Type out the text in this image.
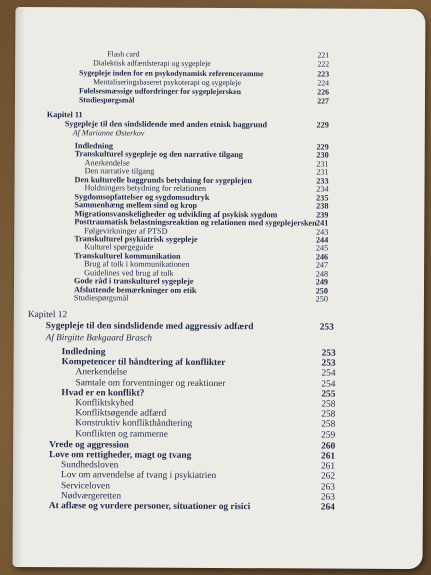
Flash card	221
Dialektisk adfærdsterapi og sygepleje	222
Sygepleje inden for en psykodynamisk referenceramme	223
Mentaliseringsbaseret psykoterapi og sygepleje	224
Følelsesmæssige udfordringer for sygeplejersken	226
Studiespørgsmål	227
Kapitel 11
Sygepleje til den sindslidende med anden etnisk baggrund	229
Af Marianne Østerkov
Indledning	229
Transkulturel sygepleje og den narrative tilgang	230
Anerkendelse	231
Den narrative tilgang	231
Den kulturelle baggrunds betydning for sygeplejen	233
Holdningers betydning for relationen	234
Sygdomsopfattelser og sygdomsudtryk	235
Sammenhæng mellem sind og krop	238
Migrationsvanskeligheder og udvikling af psykisk sygdom	239
Posttraumatisk belastningsreaktion og relationen med sygeplejersken 241
Følgevirkninger af PTSD	243
Transkulturel psykiatrisk sygepleje	244
Kulturel spørgeguide	245
Transkulturel kommunikation	246
Brug af tolk i kommunikationen	247
Guidelines ved brug af tolk	248
Gode råd i transkulturel sygepleje	249
Afsluttende bemærkninger om etik	250
Studiespørgsmål	250
Kapitel 12
Sygepleje til den sindslidende med aggressiv adfærd	253
Af Birgitte Bækgaard Brasch
Indledning	253
Kompetencer til håndtering af konflikter	253
Anerkendelse	254
Samtale om forventninger og reaktioner	254
Hvad er en konflikt?	255
Konfliktskyhed	258
Konfliktsøgende adfærd	258
Konstruktiv konflikthåndtering	258
Konflikten og rammerne	259
Vrede og aggression	260
Love om rettigheder, magt og tvang	261
Sundhedsloven	261
Lov om anvendelse af tvang i psykiatrien	262
Serviceloven	263
Nødværgeretten	263
At aflæse og vurdere personer, situationer og risici	264
